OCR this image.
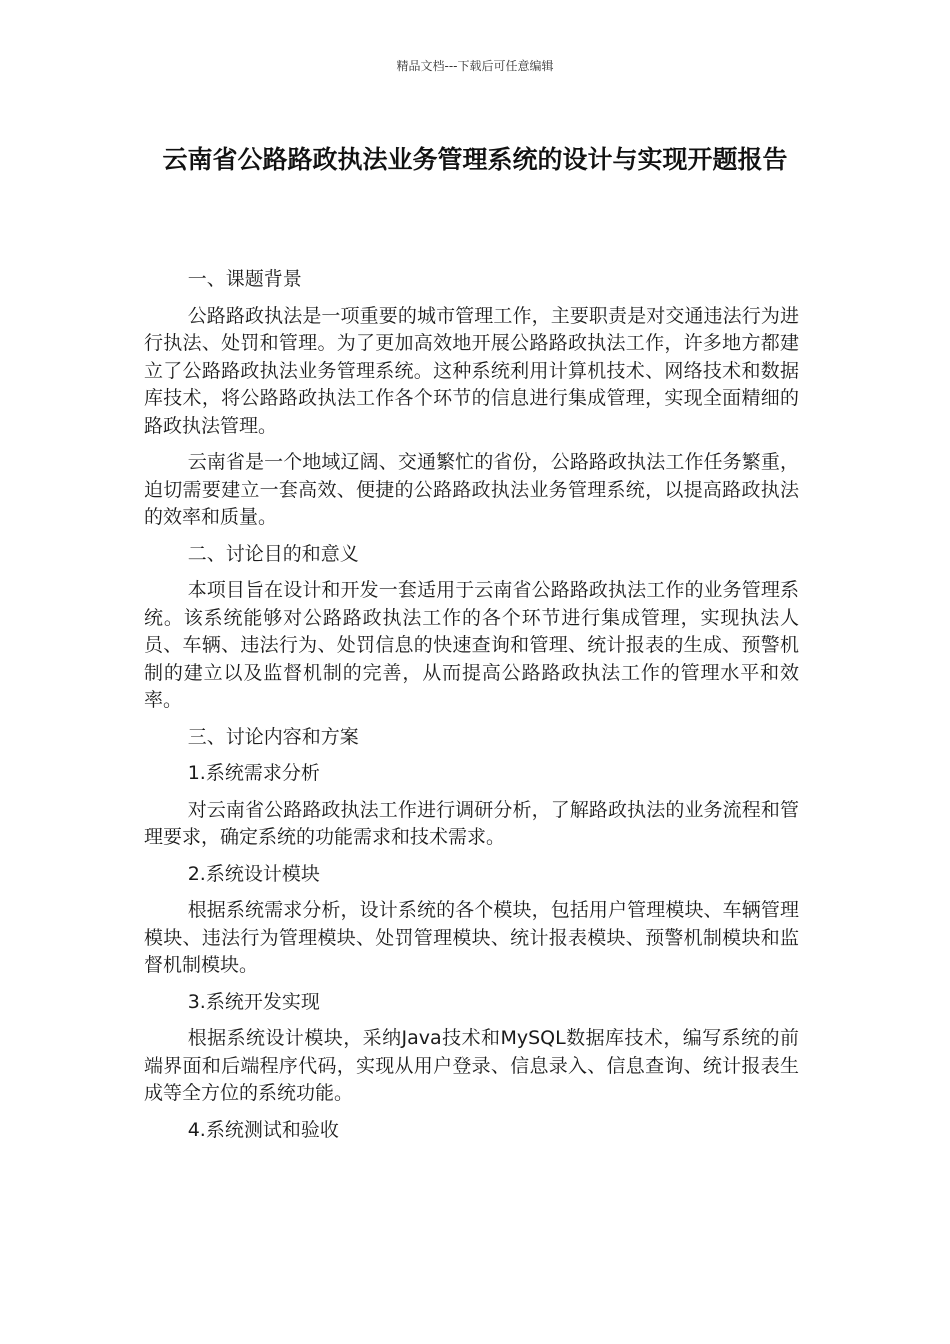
精品文档---下载后可任意编辑
云南省公路路政执法业务管理系统的设计与实现开题报告

一、课题背景

公路路政执法是一项重要的城市管理工作，主要职责是对交通违法行为进行执法、处罚和管理。为了更加高效地开展公路路政执法工作，许多地方都建立了公路路政执法业务管理系统。这种系统利用计算机技术、网络技术和数据库技术，将公路路政执法工作各个环节的信息进行集成管理，实现全面精细的路政执法管理。

云南省是一个地域辽阔、交通繁忙的省份，公路路政执法工作任务繁重，迫切需要建立一套高效、便捷的公路路政执法业务管理系统，以提高路政执法的效率和质量。

二、讨论目的和意义

本项目旨在设计和开发一套适用于云南省公路路政执法工作的业务管理系统。该系统能够对公路路政执法工作的各个环节进行集成管理，实现执法人员、车辆、违法行为、处罚信息的快速查询和管理、统计报表的生成、预警机制的建立以及监督机制的完善，从而提高公路路政执法工作的管理水平和效率。

三、讨论内容和方案

1.系统需求分析

对云南省公路路政执法工作进行调研分析，了解路政执法的业务流程和管理要求，确定系统的功能需求和技术需求。

2.系统设计模块

根据系统需求分析，设计系统的各个模块，包括用户管理模块、车辆管理模块、违法行为管理模块、处罚管理模块、统计报表模块、预警机制模块和监督机制模块。

3.系统开发实现

根据系统设计模块，采纳Java技术和MySQL数据库技术，编写系统的前端界面和后端程序代码，实现从用户登录、信息录入、信息查询、统计报表生成等全方位的系统功能。

4.系统测试和验收
